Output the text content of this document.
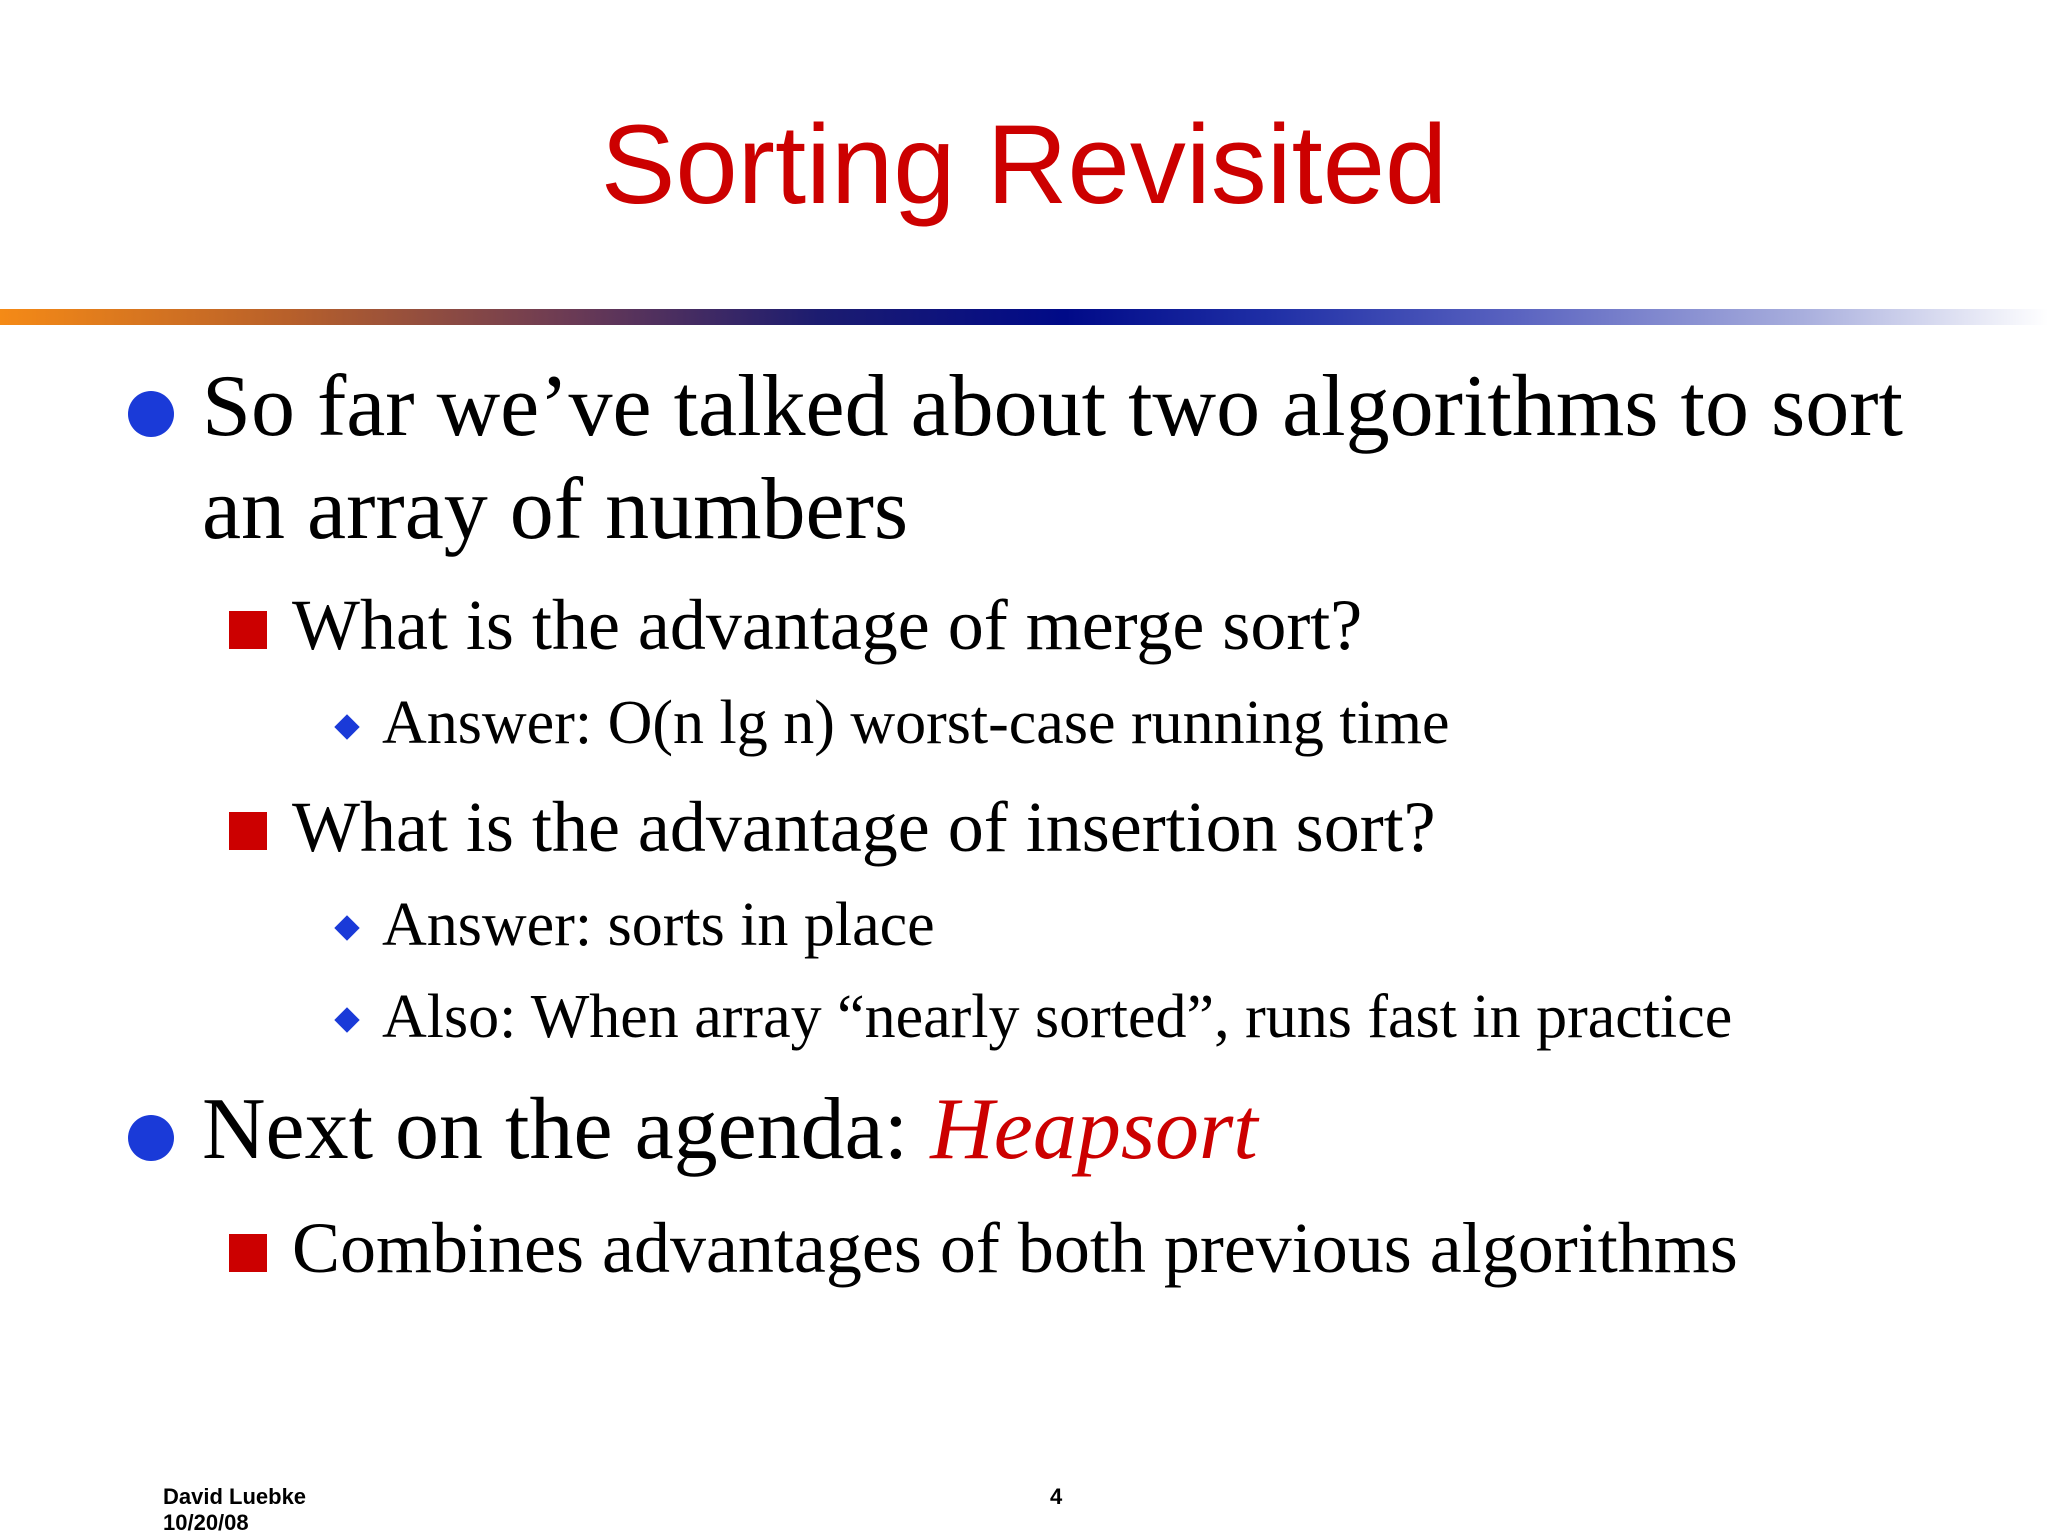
Sorting Revisited
So far we’ve talked about two algorithms to sort an array of numbers
What is the advantage of merge sort?
Answer: O(n lg n) worst-case running time
What is the advantage of insertion sort?
Answer: sorts in place
Also: When array “nearly sorted”, runs fast in practice
Next on the agenda: Heapsort
Combines advantages of both previous algorithms
David Luebke
10/20/08
4
